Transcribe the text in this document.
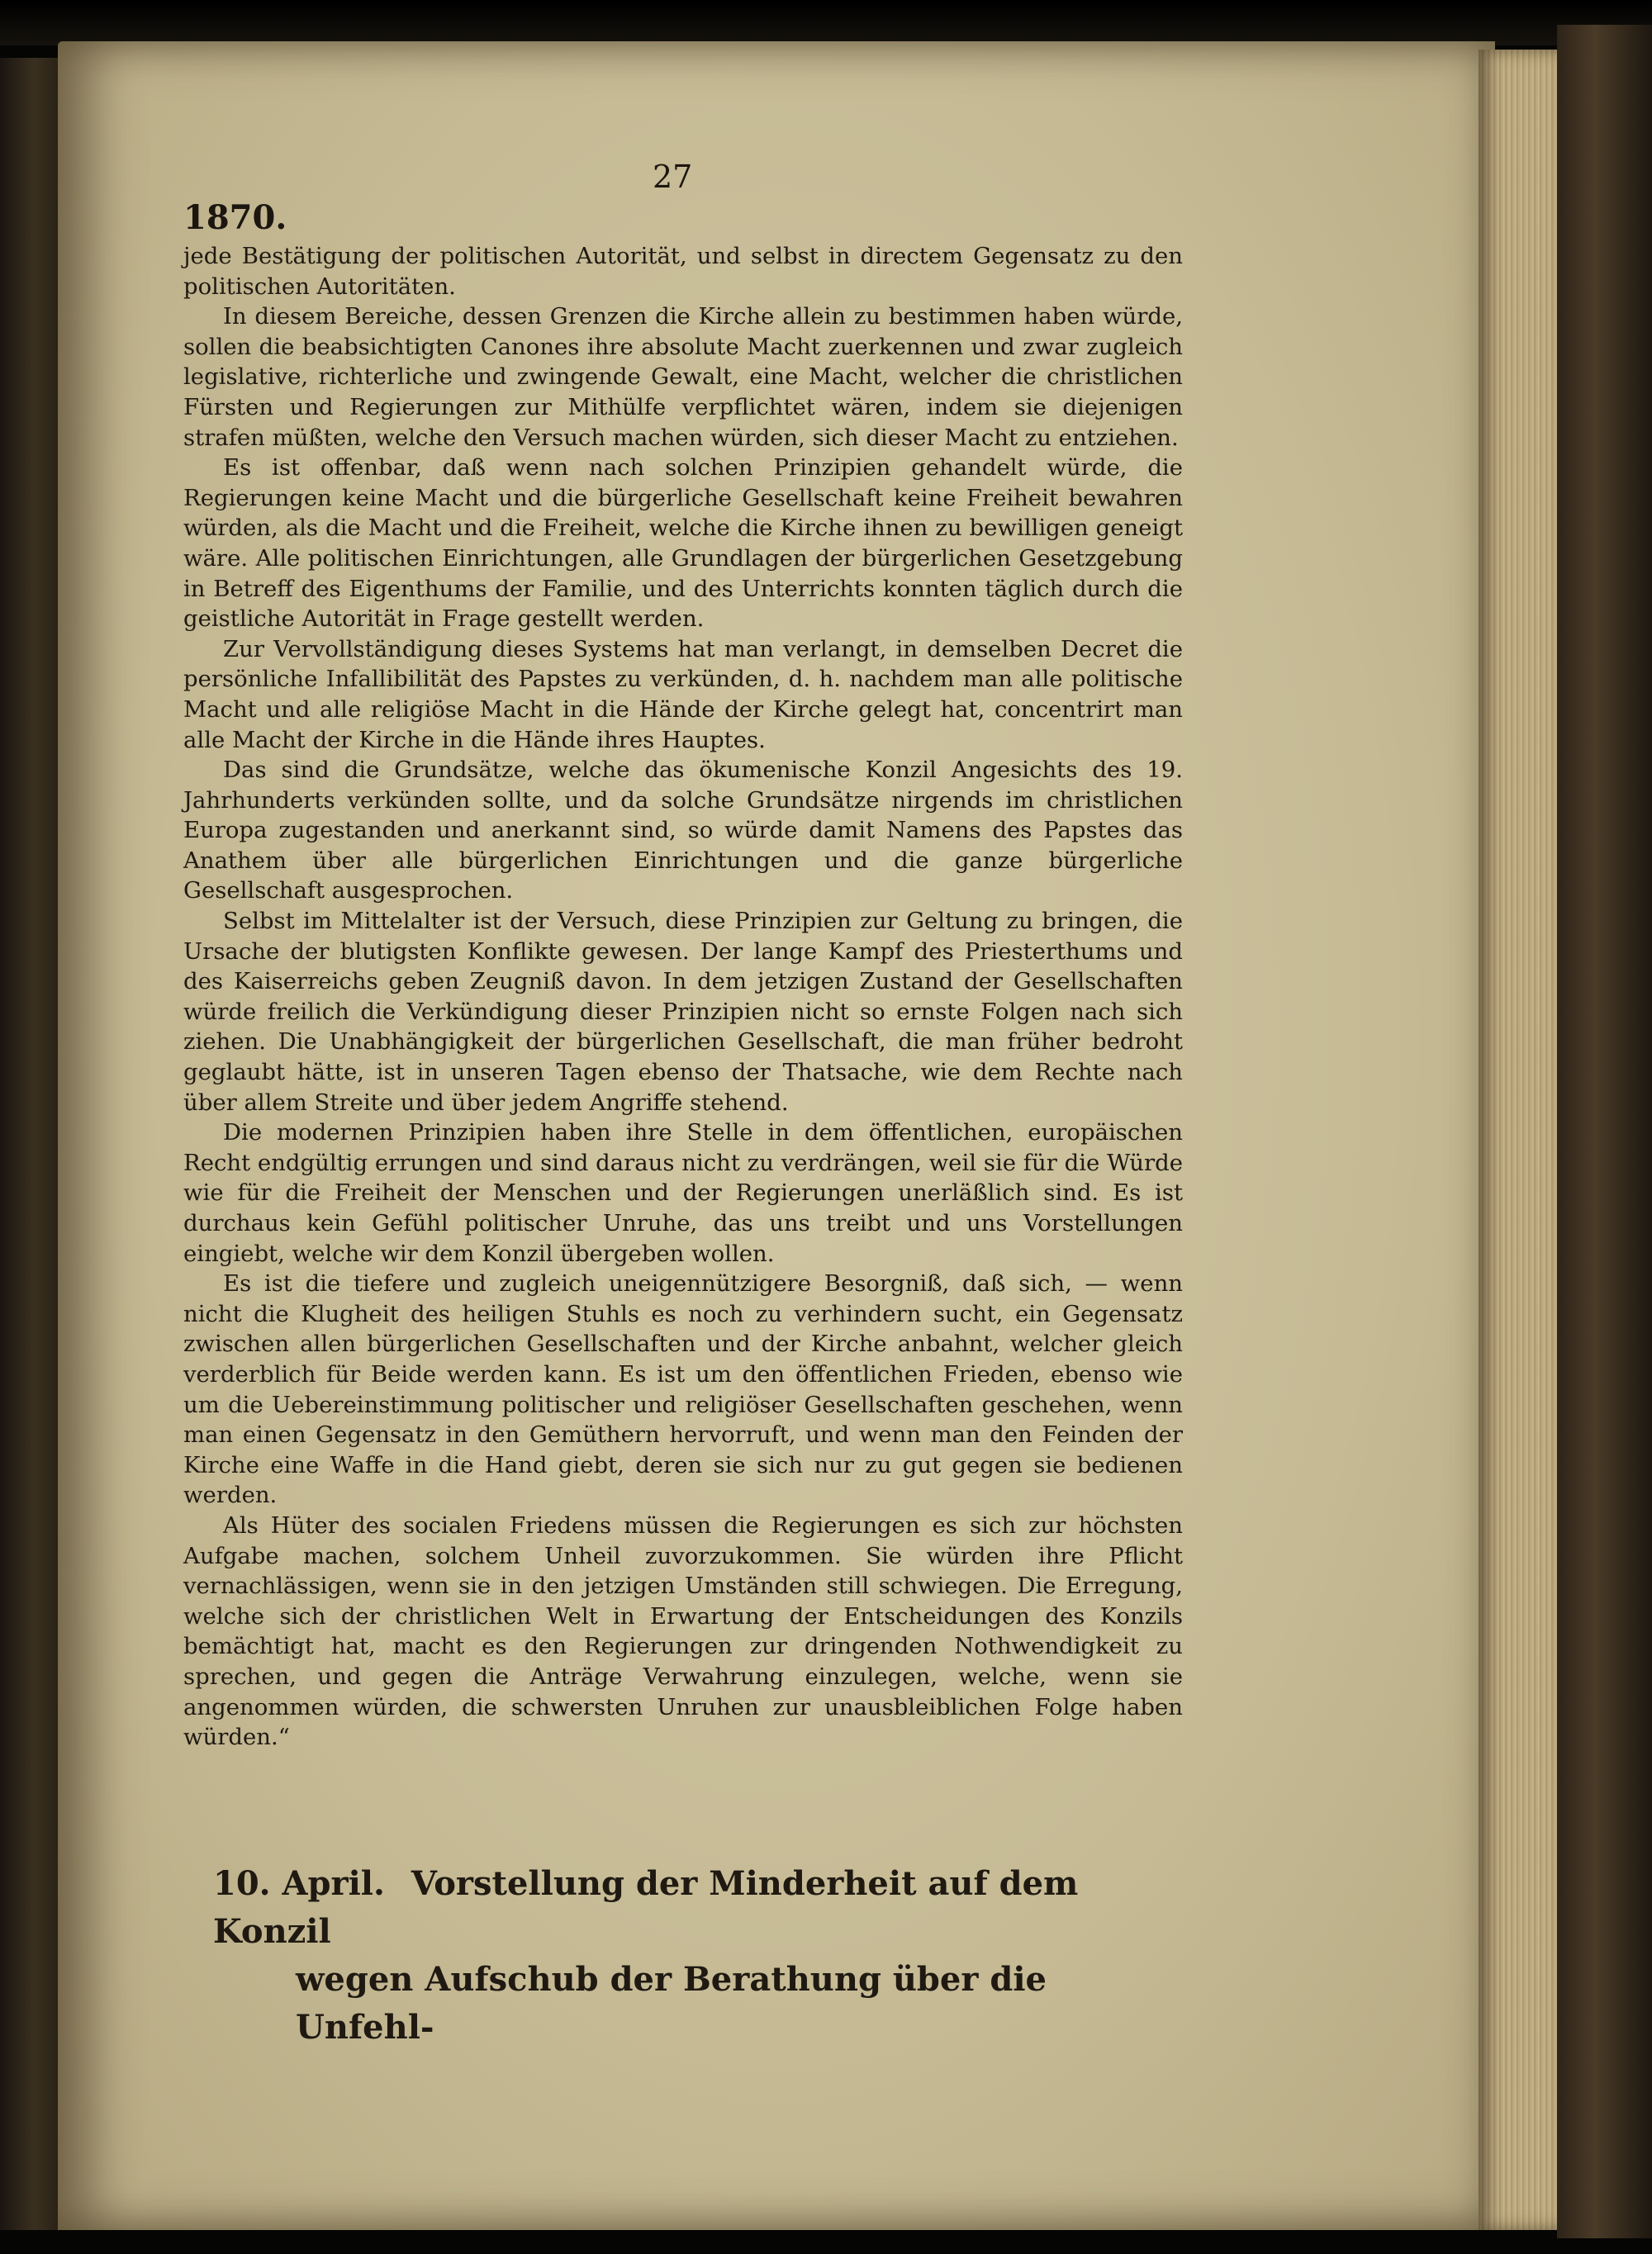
27
1870.

jede Bestätigung der politischen Autorität, und selbst in directem Gegensatz zu den politischen Autoritäten.

In diesem Bereiche, dessen Grenzen die Kirche allein zu bestimmen haben würde, sollen die beabsichtigten Canones ihre absolute Macht zuerkennen und zwar zugleich legislative, richterliche und zwingende Gewalt, eine Macht, welcher die christlichen Fürsten und Regierungen zur Mithülfe verpflichtet wären, indem sie diejenigen strafen müßten, welche den Versuch machen würden, sich dieser Macht zu entziehen.

Es ist offenbar, daß wenn nach solchen Prinzipien gehandelt würde, die Regierungen keine Macht und die bürgerliche Gesellschaft keine Freiheit bewahren würden, als die Macht und die Freiheit, welche die Kirche ihnen zu bewilligen geneigt wäre. Alle politischen Einrichtungen, alle Grundlagen der bürgerlichen Gesetzgebung in Betreff des Eigenthums der Familie, und des Unterrichts konnten täglich durch die geistliche Autorität in Frage gestellt werden.

Zur Vervollständigung dieses Systems hat man verlangt, in demselben Decret die persönliche Infallibilität des Papstes zu verkünden, d. h. nachdem man alle politische Macht und alle religiöse Macht in die Hände der Kirche gelegt hat, concentrirt man alle Macht der Kirche in die Hände ihres Hauptes.

Das sind die Grundsätze, welche das ökumenische Konzil Angesichts des 19. Jahrhunderts verkünden sollte, und da solche Grundsätze nirgends im christlichen Europa zugestanden und anerkannt sind, so würde damit Namens des Papstes das Anathem über alle bürgerlichen Einrichtungen und die ganze bürgerliche Gesellschaft ausgesprochen.

Selbst im Mittelalter ist der Versuch, diese Prinzipien zur Geltung zu bringen, die Ursache der blutigsten Konflikte gewesen. Der lange Kampf des Priesterthums und des Kaiserreichs geben Zeugniß davon. In dem jetzigen Zustand der Gesellschaften würde freilich die Verkündigung dieser Prinzipien nicht so ernste Folgen nach sich ziehen. Die Unabhängigkeit der bürgerlichen Gesellschaft, die man früher bedroht geglaubt hätte, ist in unseren Tagen ebenso der Thatsache, wie dem Rechte nach über allem Streite und über jedem Angriffe stehend.

Die modernen Prinzipien haben ihre Stelle in dem öffentlichen, europäischen Recht endgültig errungen und sind daraus nicht zu verdrängen, weil sie für die Würde wie für die Freiheit der Menschen und der Regierungen unerläßlich sind. Es ist durchaus kein Gefühl politischer Unruhe, das uns treibt und uns Vorstellungen eingiebt, welche wir dem Konzil übergeben wollen.

Es ist die tiefere und zugleich uneigennützigere Besorgniß, daß sich, — wenn nicht die Klugheit des heiligen Stuhls es noch zu verhindern sucht, ein Gegensatz zwischen allen bürgerlichen Gesellschaften und der Kirche anbahnt, welcher gleich verderblich für Beide werden kann. Es ist um den öffentlichen Frieden, ebenso wie um die Uebereinstimmung politischer und religiöser Gesellschaften geschehen, wenn man einen Gegensatz in den Gemüthern hervorruft, und wenn man den Feinden der Kirche eine Waffe in die Hand giebt, deren sie sich nur zu gut gegen sie bedienen werden.

Als Hüter des socialen Friedens müssen die Regierungen es sich zur höchsten Aufgabe machen, solchem Unheil zuvorzukommen. Sie würden ihre Pflicht vernachlässigen, wenn sie in den jetzigen Umständen still schwiegen. Die Erregung, welche sich der christlichen Welt in Erwartung der Entscheidungen des Konzils bemächtigt hat, macht es den Regierungen zur dringenden Nothwendigkeit zu sprechen, und gegen die Anträge Verwahrung einzulegen, welche, wenn sie angenommen würden, die schwersten Unruhen zur unausbleiblichen Folge haben würden.“

10. April. Vorstellung der Minderheit auf dem Konzil
wegen Aufschub der Berathung über die Unfehl-
